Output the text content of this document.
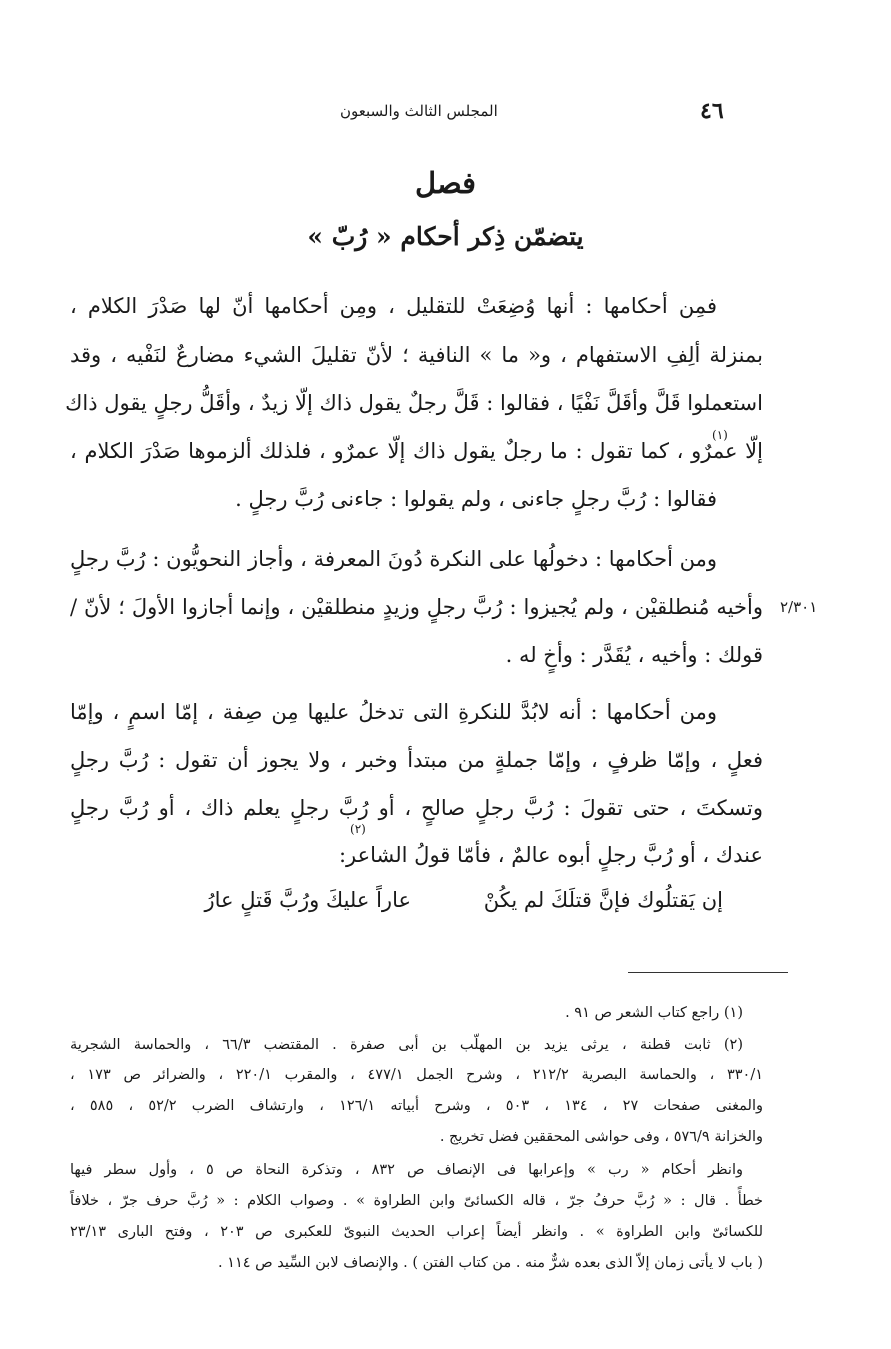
٤٦
المجلس الثالث والسبعون
فصل
يتضمّن ذِكر أحكام « رُبّ »
فمِن أحكامها : أنها وُضِعَتْ للتقليل ، ومِن أحكامها أنّ لها صَدْرَ الكلام ،
بمنزلة ألِفِ الاستفهام ، و« ما » النافية ؛ لأنّ تقليلَ الشيء مضارعٌ لنَفْيه ، وقد
استعملوا قَلَّ وأقَلَّ نَفْيًا ، فقالوا : قَلَّ رجلٌ يقول ذاك إلّا زيدٌ ، وأقَلُّ رجلٍ يقول ذاك
(١)
إلّا عمرٌو ، كما تقول : ما رجلٌ يقول ذاك إلّا عمرٌو ، فلذلك ألزموها صَدْرَ الكلام ،
فقالوا : رُبَّ رجلٍ جاءنى ، ولم يقولوا : جاءنى رُبَّ رجلٍ .
ومن أحكامها : دخولُها على النكرة دُونَ المعرفة ، وأجاز النحويُّون : رُبَّ رجلٍ
وأخيه مُنطلقيْن ، ولم يُجيزوا : رُبَّ رجلٍ وزيدٍ منطلقيْن ، وإنما أجازوا الأولَ ؛ لأنّ / ٢/٣٠١
قولك : وأخيه ، يُقَدَّر : وأخٍ له .
ومن أحكامها : أنه لابُدَّ للنكرةِ التى تدخلُ عليها مِن صِفة ، إمّا اسمٍ ، وإمّا
فعلٍ ، وإمّا ظرفٍ ، وإمّا جملةٍ من مبتدأ وخبر ، ولا يجوز أن تقول : رُبَّ رجلٍ
وتسكتَ ، حتى تقولَ : رُبَّ رجلٍ صالحٍ ، أو رُبَّ رجلٍ يعلم ذاك ، أو رُبَّ رجلٍ
(٢)
عندك ، أو رُبَّ رجلٍ أبوه عالمٌ ، فأمّا قولُ الشاعر:
إن يَقتلُوك فإنَّ قتلَكَ لم يكُنْ
عاراً عليكَ ورُبَّ قَتلٍ عارُ
(١) راجع كتاب الشعر ص ٩١ .
(٢) ثابت قطنة ، يرثى يزيد بن المهلّب بن أبى صفرة . المقتضب ٦٦/٣ ، والحماسة الشجرية
٣٣٠/١ ، والحماسة البصرية ٢١٢/٢ ، وشرح الجمل ٤٧٧/١ ، والمقرب ٢٢٠/١ ، والضرائر ص ١٧٣ ،
والمغنى صفحات ٢٧ ، ١٣٤ ، ٥٠٣ ، وشرح أبياته ١٢٦/١ ، وارتشاف الضرب ٥٢/٢ ، ٥٨٥ ،
والخزانة ٥٧٦/٩ ، وفى حواشى المحققين فضل تخريج .
وانظر أحكام « رب » وإعرابها فى الإنصاف ص ٨٣٢ ، وتذكرة النحاة ص ٥ ، وأول سطر فيها
خطأً . قال : « رُبَّ حرفُ جرّ ، قاله الكسائىّ وابن الطراوة » . وصواب الكلام : « رُبَّ حرف جرّ ، خلافاً
للكسائىّ وابن الطراوة » . وانظر أيضاً إعراب الحديث النبوىّ للعكبرى ص ٢٠٣ ، وفتح البارى ٢٣/١٣
( باب لا يأتى زمان إلاّ الذى بعده شرٌّ منه . من كتاب الفتن ) . والإنصاف لابن السِّيد ص ١١٤ .
